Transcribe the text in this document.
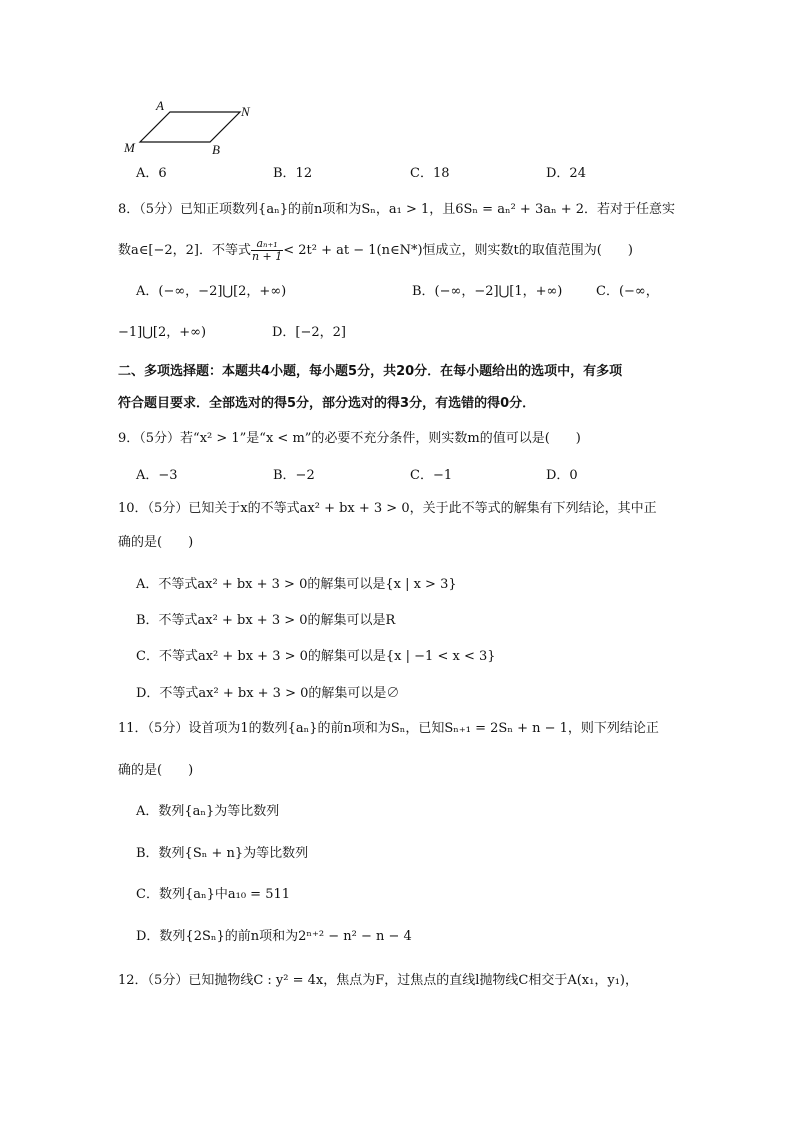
A	N
M	B
A．6	B．12	C．18	D．24
8．（5分）已知正项数列{aₙ}的前n项和为Sₙ，a₁ > 1，且6Sₙ = aₙ² + 3aₙ + 2．若对于任意实
数a∈[−2，2]．不等式 $\frac{\text{aₙ₊₁}}{n + 1} < 2t^2$ + at − 1(n∈N*)恒成立，则实数t的取值范围为(　　)
A．(−∞，−2]⋃[2，+∞)	B．(−∞，−2]⋃[1，+∞)	C．(−∞，
−1]⋃[2，+∞)	D．[−2，2]
二、多项选择题：本题共4小题，每小题5分，共20分．在每小题给出的选项中，有多项
符合题目要求．全部选对的得5分，部分选对的得3分，有选错的得0分．
9．（5分）若“x² > 1”是“x < m”的必要不充分条件，则实数m的值可以是(　　)
A．−3	B．−2	C．−1	D．0
10．（5分）已知关于x的不等式ax² + bx + 3 > 0，关于此不等式的解集有下列结论，其中正
确的是(　　)
A．不等式ax² + bx + 3 > 0的解集可以是{x | x > 3}
B．不等式ax² + bx + 3 > 0的解集可以是R
C．不等式ax² + bx + 3 > 0的解集可以是{x | −1 < x < 3}
D．不等式ax² + bx + 3 > 0的解集可以是∅
11．（5分）设首项为1的数列{aₙ}的前n项和为Sₙ，已知Sₙ₊₁ = 2Sₙ + n − 1，则下列结论正
确的是(　　)
A．数列{aₙ}为等比数列
B．数列{Sₙ + n}为等比数列
C．数列{aₙ}中a₁₀ = 511
D．数列{2Sₙ}的前n项和为2ⁿ⁺² − n² − n − 4
12．（5分）已知抛物线C : y² = 4x，焦点为F，过焦点的直线l抛物线C相交于A(x₁，y₁)，
